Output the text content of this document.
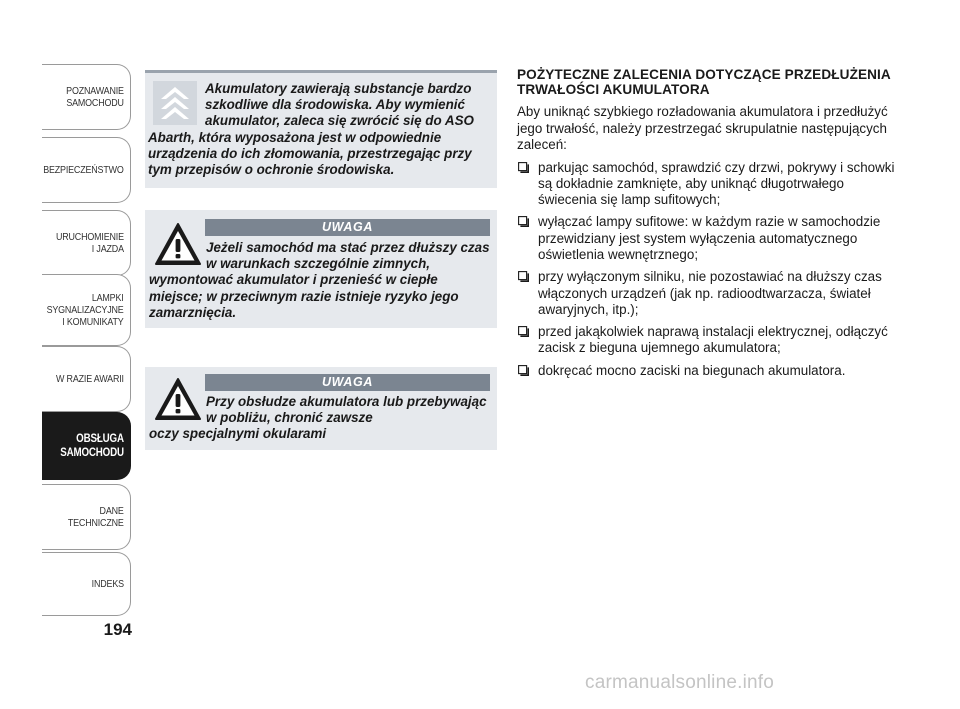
POZNAWANIE
SAMOCHODU
BEZPIECZEŃSTWO
URUCHOMIENIE
I JAZDA
LAMPKI
SYGNALIZACYJNE
I KOMUNIKATY
W RAZIE AWARII
OBSŁUGA
SAMOCHODU
DANE
TECHNICZNE
INDEKS
194
Akumulatory zawierają substancje bardzo szkodliwe dla środowiska. Aby wymienić akumulator, zaleca się zwrócić się do ASO
Abarth, która wyposażona jest w odpowiednie urządzenia do ich złomowania, przestrzegając przy tym przepisów o ochronie środowiska.
UWAGA
Jeżeli samochód ma stać przez dłuższy czas w warunkach szczególnie zimnych,
wymontować akumulator i przenieść w ciepłe miejsce; w przeciwnym razie istnieje ryzyko jego zamarznięcia.
UWAGA
Przy obsłudze akumulatora lub przebywając w pobliżu, chronić zawsze
oczy specjalnymi okularami
POŻYTECZNE ZALECENIA DOTYCZĄCE PRZEDŁUŻENIA TRWAŁOŚCI AKUMULATORA

Aby uniknąć szybkiego rozładowania akumulatora i przedłużyć jego trwałość, należy przestrzegać skrupulatnie następujących zaleceń:

parkując samochód, sprawdzić czy drzwi, pokrywy i schowki są dokładnie zamknięte, aby uniknąć długotrwałego świecenia się lamp sufitowych;
wyłączać lampy sufitowe: w każdym razie w samochodzie przewidziany jest system wyłączenia automatycznego oświetlenia wewnętrznego;
przy wyłączonym silniku, nie pozostawiać na dłuższy czas włączonych urządzeń (jak np. radioodtwarzacza, świateł awaryjnych, itp.);
przed jakąkolwiek naprawą instalacji elektrycznej, odłączyć zacisk z bieguna ujemnego akumulatora;
dokręcać mocno zaciski na biegunach akumulatora.
carmanualsonline.info
